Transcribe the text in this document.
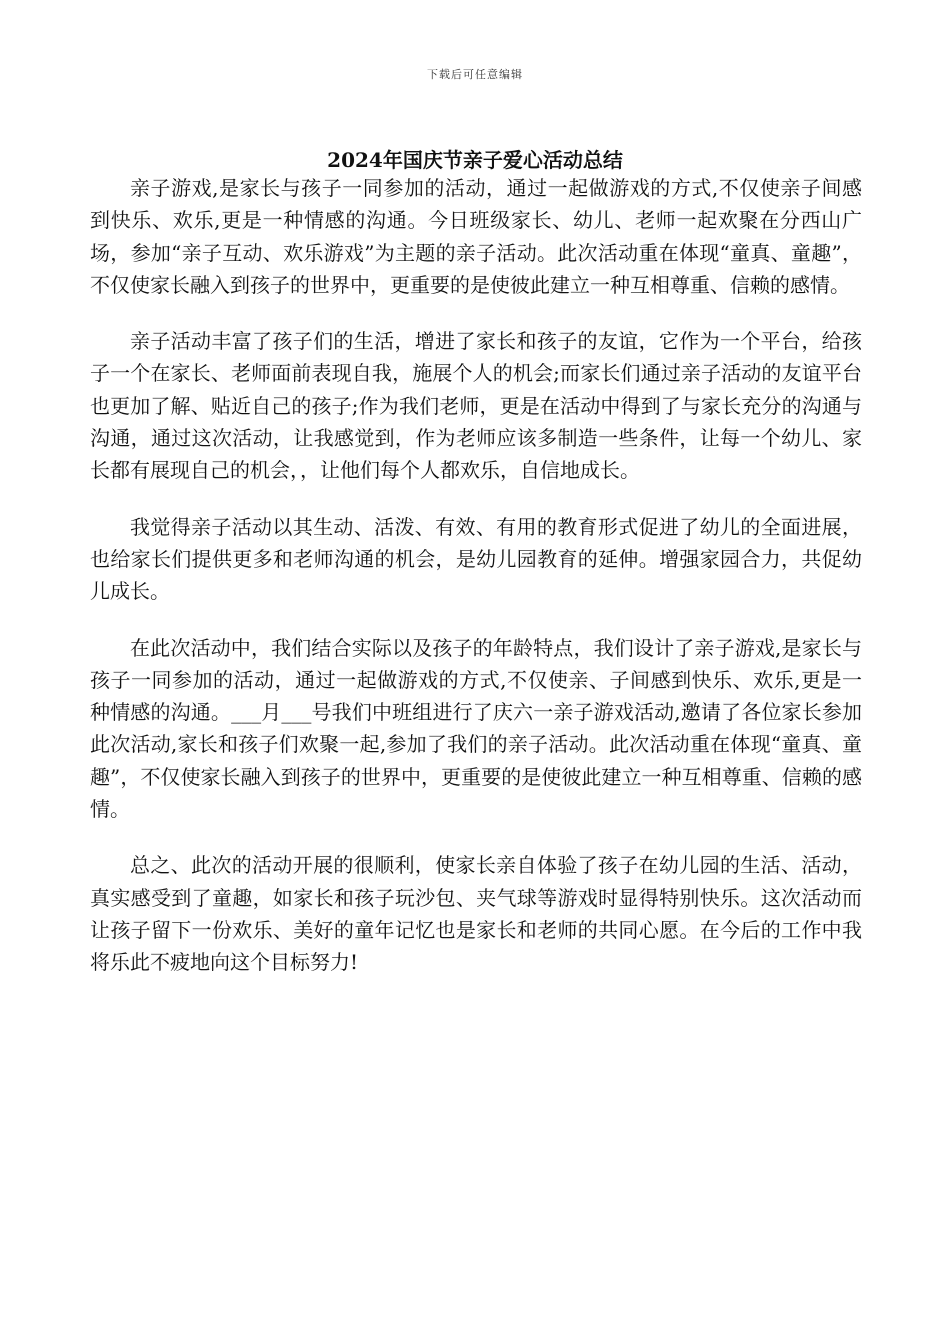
下载后可任意编辑
2024年国庆节亲子爱心活动总结

亲子游戏,是家长与孩子一同参加的活动，通过一起做游戏的方式,不仅使亲子间感到快乐、欢乐,更是一种情感的沟通。今日班级家长、幼儿、老师一起欢聚在分西山广场，参加“亲子互动、欢乐游戏”为主题的亲子活动。此次活动重在体现“童真、童趣”，不仅使家长融入到孩子的世界中，更重要的是使彼此建立一种互相尊重、信赖的感情。

亲子活动丰富了孩子们的生活，增进了家长和孩子的友谊，它作为一个平台，给孩子一个在家长、老师面前表现自我，施展个人的机会;而家长们通过亲子活动的友谊平台也更加了解、贴近自己的孩子;作为我们老师，更是在活动中得到了与家长充分的沟通与沟通，通过这次活动，让我感觉到，作为老师应该多制造一些条件，让每一个幼儿、家长都有展现自己的机会，，让他们每个人都欢乐，自信地成长。

我觉得亲子活动以其生动、活泼、有效、有用的教育形式促进了幼儿的全面进展，也给家长们提供更多和老师沟通的机会，是幼儿园教育的延伸。增强家园合力，共促幼儿成长。

在此次活动中，我们结合实际以及孩子的年龄特点，我们设计了亲子游戏,是家长与孩子一同参加的活动，通过一起做游戏的方式,不仅使亲、子间感到快乐、欢乐,更是一种情感的沟通。___月___号我们中班组进行了庆六一亲子游戏活动,邀请了各位家长参加此次活动,家长和孩子们欢聚一起,参加了我们的亲子活动。此次活动重在体现“童真、童趣”，不仅使家长融入到孩子的世界中，更重要的是使彼此建立一种互相尊重、信赖的感情。

总之、此次的活动开展的很顺利，使家长亲自体验了孩子在幼儿园的生活、活动，真实感受到了童趣，如家长和孩子玩沙包、夹气球等游戏时显得特别快乐。这次活动而让孩子留下一份欢乐、美好的童年记忆也是家长和老师的共同心愿。在今后的工作中我将乐此不疲地向这个目标努力!
